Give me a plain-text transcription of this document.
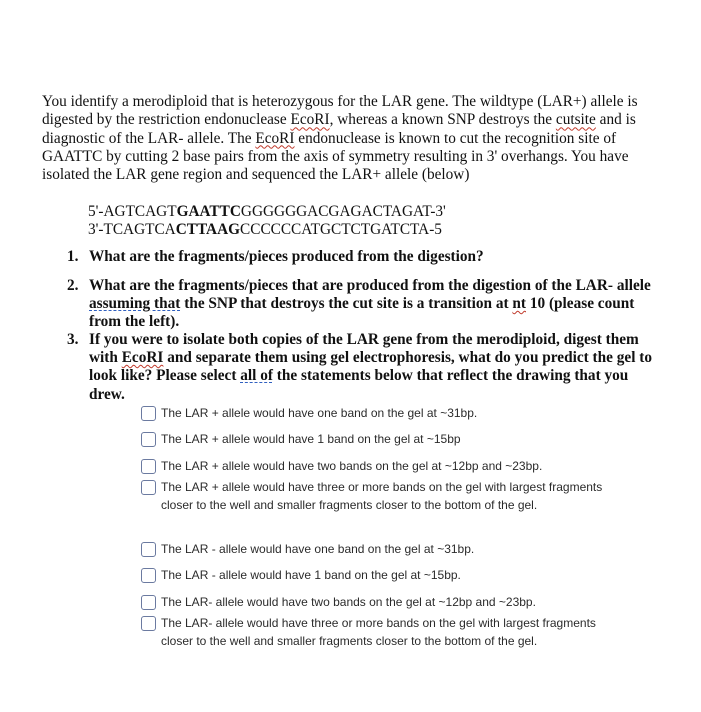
You identify a merodiploid that is heterozygous for the LAR gene. The wildtype (LAR+) allele is digested by the restriction endonuclease EcoRI, whereas a known SNP destroys the cutsite and is diagnostic of the LAR- allele. The EcoRI endonuclease is known to cut the recognition site of GAATTC by cutting 2 base pairs from the axis of symmetry resulting in 3' overhangs. You have isolated the LAR gene region and sequenced the LAR+ allele (below)
5'-AGTCAGTGAATTCGGGGGGACGAGACTAGAT-3'
3'-TCAGTCACTTAAGCCCCCCATGCTCTGATCTA-5
1. What are the fragments/pieces produced from the digestion?
2. What are the fragments/pieces that are produced from the digestion of the LAR- allele assuming that the SNP that destroys the cut site is a transition at nt 10 (please count from the left).
3. If you were to isolate both copies of the LAR gene from the merodiploid, digest them with EcoRI and separate them using gel electrophoresis, what do you predict the gel to look like? Please select all of the statements below that reflect the drawing that you drew.
The LAR + allele would have one band on the gel at ~31bp.
The LAR + allele would have 1 band on the gel at ~15bp
The LAR + allele would have two bands on the gel at ~12bp and ~23bp.
The LAR + allele would have three or more bands on the gel with largest fragments closer to the well and smaller fragments closer to the bottom of the gel.
The LAR - allele would have one band on the gel at ~31bp.
The LAR - allele would have 1 band on the gel at ~15bp.
The LAR- allele would have two bands on the gel at ~12bp and ~23bp.
The LAR- allele would have three or more bands on the gel with largest fragments closer to the well and smaller fragments closer to the bottom of the gel.
